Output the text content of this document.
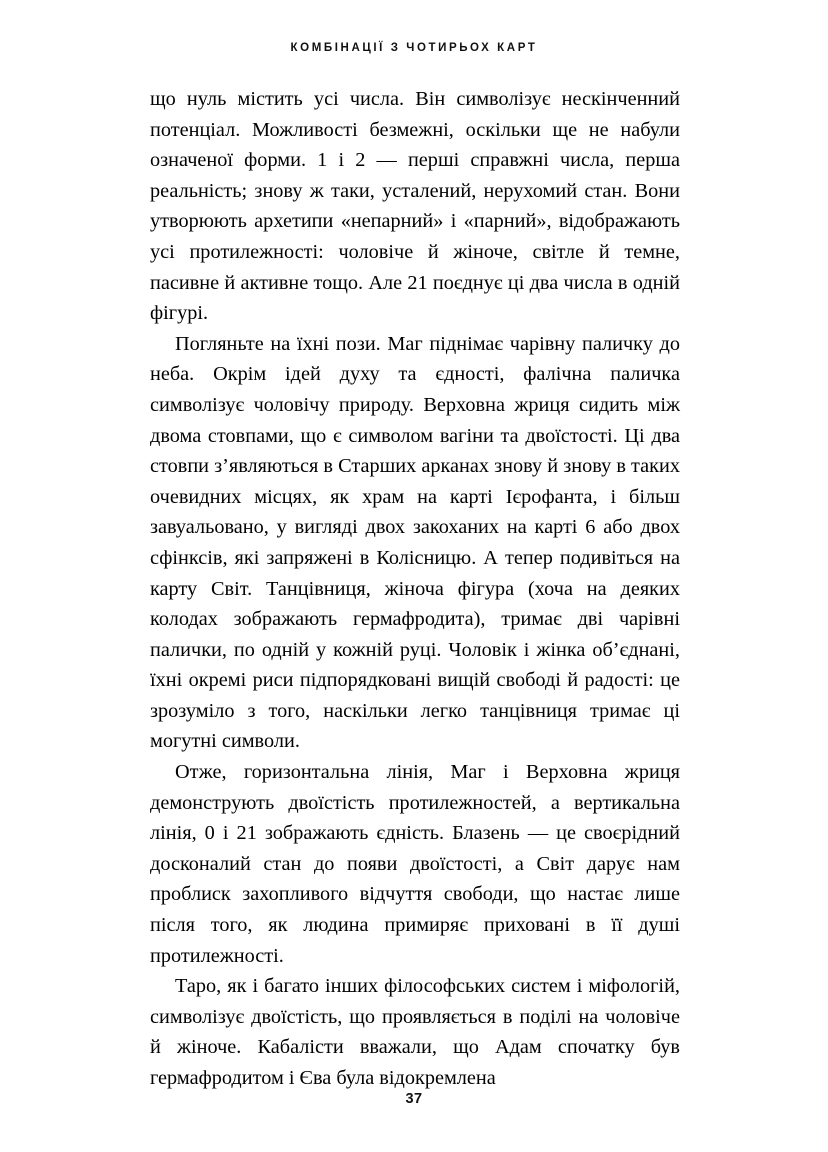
КОМБІНАЦІЇ З ЧОТИРЬОХ КАРТ

що нуль містить усі числа. Він символізує нескінченний потенціал. Можливості безмежні, оскільки ще не набули означеної форми. 1 і 2 — перші справжні числа, перша реальність; знову ж таки, усталений, нерухомий стан. Вони утворюють архетипи «непарний» і «парний», відображають усі протилежності: чоловіче й жіноче, світле й темне, пасивне й активне тощо. Але 21 поєднує ці два числа в одній фігурі.

Погляньте на їхні пози. Маг піднімає чарівну паличку до неба. Окрім ідей духу та єдності, фалічна паличка символізує чоловічу природу. Верховна жриця сидить між двома стовпами, що є символом вагіни та двоїстості. Ці два стовпи з’являються в Старших арканах знову й знову в таких очевидних місцях, як храм на карті Ієрофанта, і більш завуальовано, у вигляді двох закоханих на карті 6 або двох сфінксів, які запряжені в Колісницю. А тепер подивіться на карту Світ. Танцівниця, жіноча фігура (хоча на деяких колодах зображають гермафродита), тримає дві чарівні палички, по одній у кожній руці. Чоловік і жінка об’єднані, їхні окремі риси підпорядковані вищій свободі й радості: це зрозуміло з того, наскільки легко танцівниця тримає ці могутні символи.

Отже, горизонтальна лінія, Маг і Верховна жриця демонструють двоїстість протилежностей, а вертикальна лінія, 0 і 21 зображають єдність. Блазень — це своєрідний досконалий стан до появи двоїстості, а Світ дарує нам проблиск захопливого відчуття свободи, що настає лише після того, як людина примиряє приховані в її душі протилежності.

Таро, як і багато інших філософських систем і міфологій, символізує двоїстість, що проявляється в поділі на чоловіче й жіноче. Кабалісти вважали, що Адам спочатку був гермафродитом і Єва була відокремлена

37
